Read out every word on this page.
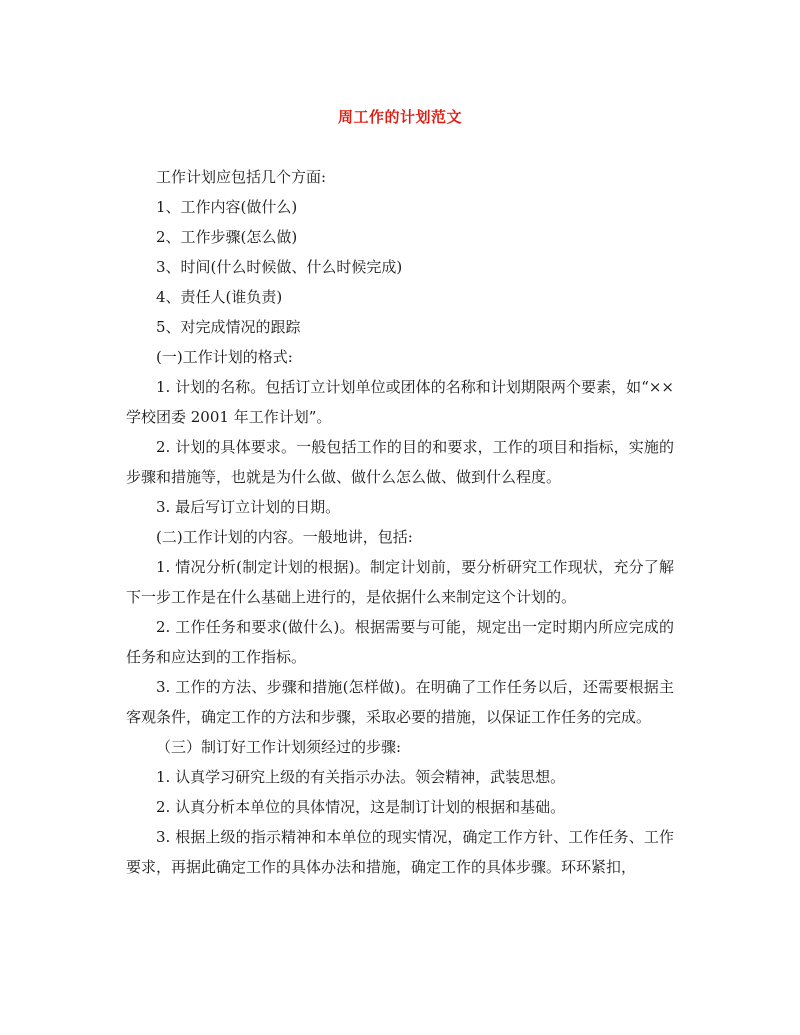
周工作的计划范文

工作计划应包括几个方面:

1、工作内容(做什么)

2、工作步骤(怎么做)

3、时间(什么时候做、什么时候完成)

4、责任人(谁负责)

5、对完成情况的跟踪

(一)工作计划的格式:

1. 计划的名称。包括订立计划单位或团体的名称和计划期限两个要素，如“××学校团委 2001 年工作计划”。

2. 计划的具体要求。一般包括工作的目的和要求，工作的项目和指标，实施的步骤和措施等，也就是为什么做、做什么怎么做、做到什么程度。

3. 最后写订立计划的日期。

(二)工作计划的内容。一般地讲，包括:

1. 情况分析(制定计划的根据)。制定计划前，要分析研究工作现状，充分了解下一步工作是在什么基础上进行的，是依据什么来制定这个计划的。

2. 工作任务和要求(做什么)。根据需要与可能，规定出一定时期内所应完成的任务和应达到的工作指标。

3. 工作的方法、步骤和措施(怎样做)。在明确了工作任务以后，还需要根据主客观条件，确定工作的方法和步骤，采取必要的措施，以保证工作任务的完成。

（三）制订好工作计划须经过的步骤:

1. 认真学习研究上级的有关指示办法。领会精神，武装思想。

2. 认真分析本单位的具体情况，这是制订计划的根据和基础。

3. 根据上级的指示精神和本单位的现实情况，确定工作方针、工作任务、工作要求，再据此确定工作的具体办法和措施，确定工作的具体步骤。环环紧扣，
